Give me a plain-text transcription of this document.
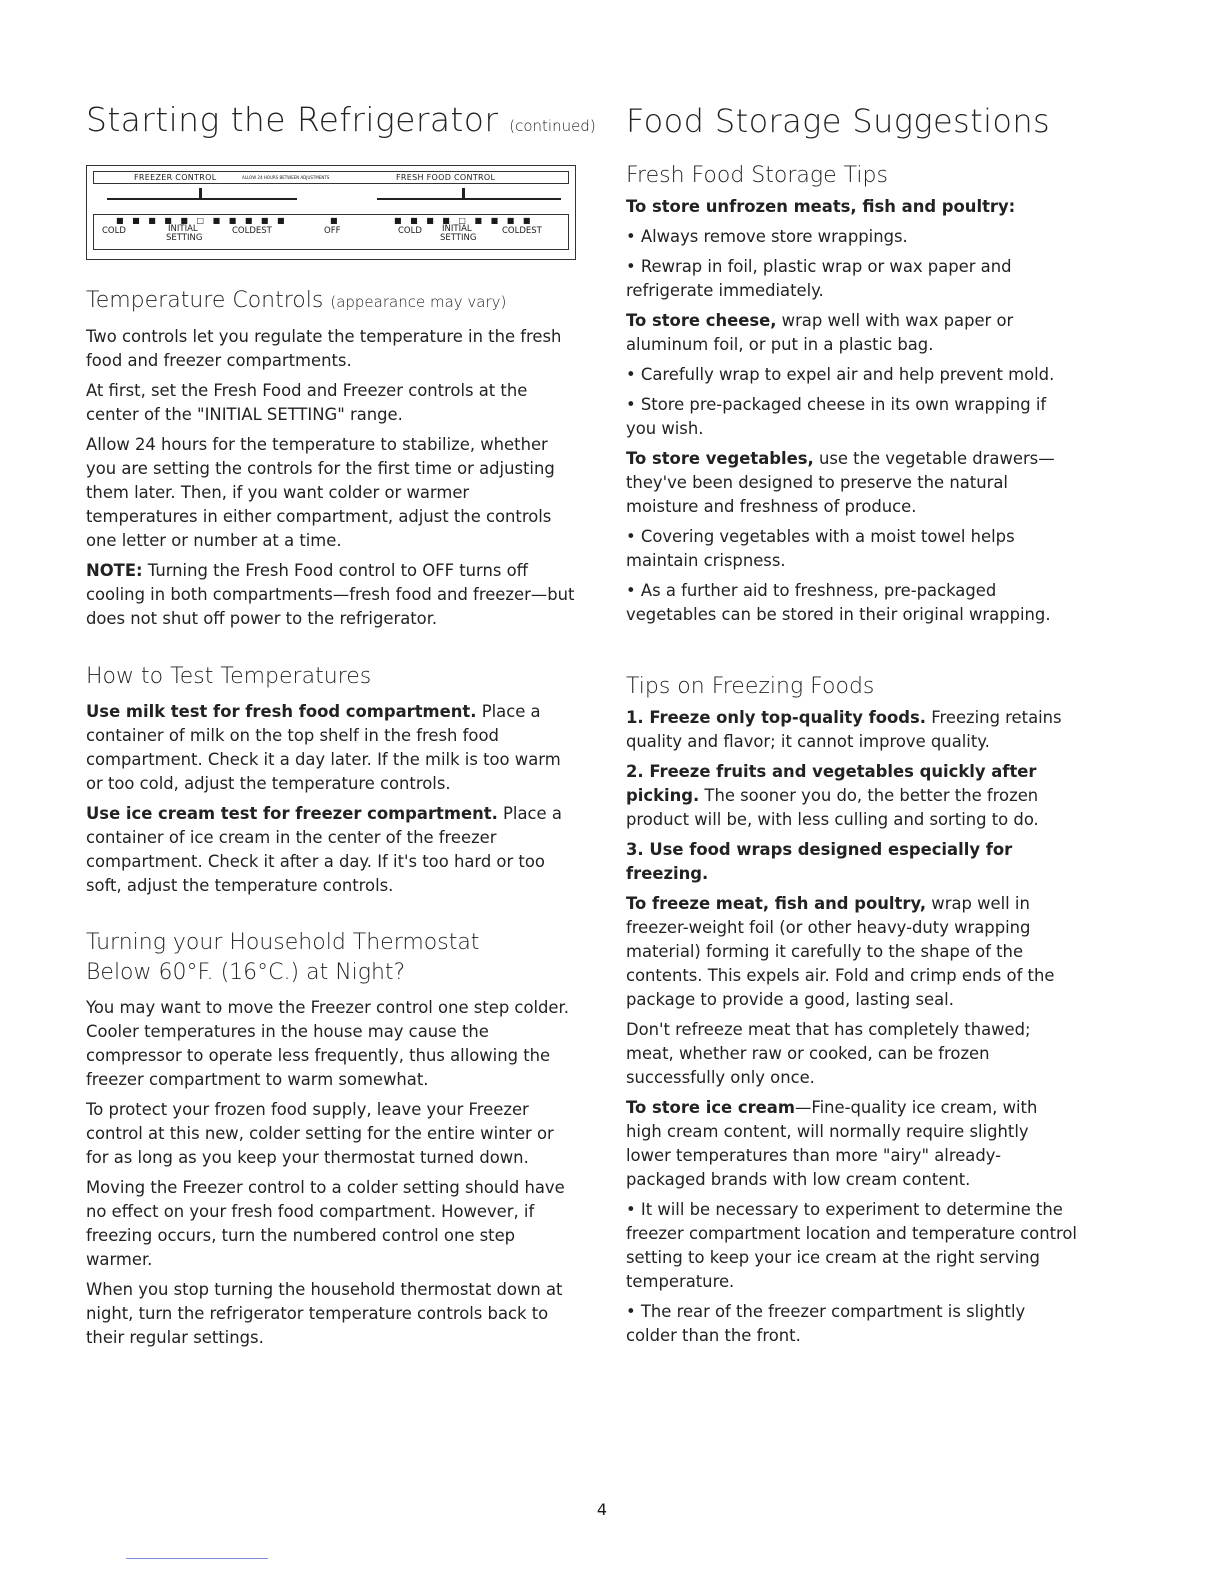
Starting the Refrigerator (continued)
FREEZER CONTROL	ALLOW 24 HOURS BETWEEN ADJUSTMENTS	FRESH FOOD CONTROL
■ ■ ■ ■ ■ □ ■ ■ ■ ■ ■	■	■ ■ ■ ■ □ ■ ■ ■ ■
COLD	INITIAL
SETTING
COLDEST	OFF	COLD INITIAL
SETTING
COLDEST
Temperature Controls (appearance may vary)

Two controls let you regulate the temperature in the fresh food and freezer compartments.

At first, set the Fresh Food and Freezer controls at the center of the "INITIAL SETTING" range.

Allow 24 hours for the temperature to stabilize, whether you are setting the controls for the first time or adjusting them later. Then, if you want colder or warmer temperatures in either compartment, adjust the controls one letter or number at a time.

NOTE: Turning the Fresh Food control to OFF turns off cooling in both compartments—fresh food and freezer—but does not shut off power to the refrigerator.

How to Test Temperatures

Use milk test for fresh food compartment. Place a container of milk on the top shelf in the fresh food compartment. Check it a day later. If the milk is too warm or too cold, adjust the temperature controls.

Use ice cream test for freezer compartment. Place a container of ice cream in the center of the freezer compartment. Check it after a day. If it's too hard or too soft, adjust the temperature controls.

Turning your Household Thermostat
Below 60°F. (16°C.) at Night?

You may want to move the Freezer control one step colder. Cooler temperatures in the house may cause the compressor to operate less frequently, thus allowing the freezer compartment to warm somewhat.

To protect your frozen food supply, leave your Freezer control at this new, colder setting for the entire winter or for as long as you keep your thermostat turned down.

Moving the Freezer control to a colder setting should have no effect on your fresh food compartment. However, if freezing occurs, turn the numbered control one step warmer.

When you stop turning the household thermostat down at night, turn the refrigerator temperature controls back to their regular settings.

Food Storage Suggestions
Fresh Food Storage Tips

To store unfrozen meats, fish and poultry:

• Always remove store wrappings.

• Rewrap in foil, plastic wrap or wax paper and refrigerate immediately.

To store cheese, wrap well with wax paper or aluminum foil, or put in a plastic bag.

• Carefully wrap to expel air and help prevent mold.

• Store pre-packaged cheese in its own wrapping if you wish.

To store vegetables, use the vegetable drawers—they've been designed to preserve the natural moisture and freshness of produce.

• Covering vegetables with a moist towel helps maintain crispness.

• As a further aid to freshness, pre-packaged vegetables can be stored in their original wrapping.

Tips on Freezing Foods

1. Freeze only top-quality foods. Freezing retains quality and flavor; it cannot improve quality.

2. Freeze fruits and vegetables quickly after picking. The sooner you do, the better the frozen product will be, with less culling and sorting to do.

3. Use food wraps designed especially for freezing.

To freeze meat, fish and poultry, wrap well in freezer-weight foil (or other heavy-duty wrapping material) forming it carefully to the shape of the contents. This expels air. Fold and crimp ends of the package to provide a good, lasting seal.

Don't refreeze meat that has completely thawed; meat, whether raw or cooked, can be frozen successfully only once.

To store ice cream—Fine-quality ice cream, with high cream content, will normally require slightly lower temperatures than more "airy" already-packaged brands with low cream content.

• It will be necessary to experiment to determine the freezer compartment location and temperature control setting to keep your ice cream at the right serving temperature.

• The rear of the freezer compartment is slightly colder than the front.

4
